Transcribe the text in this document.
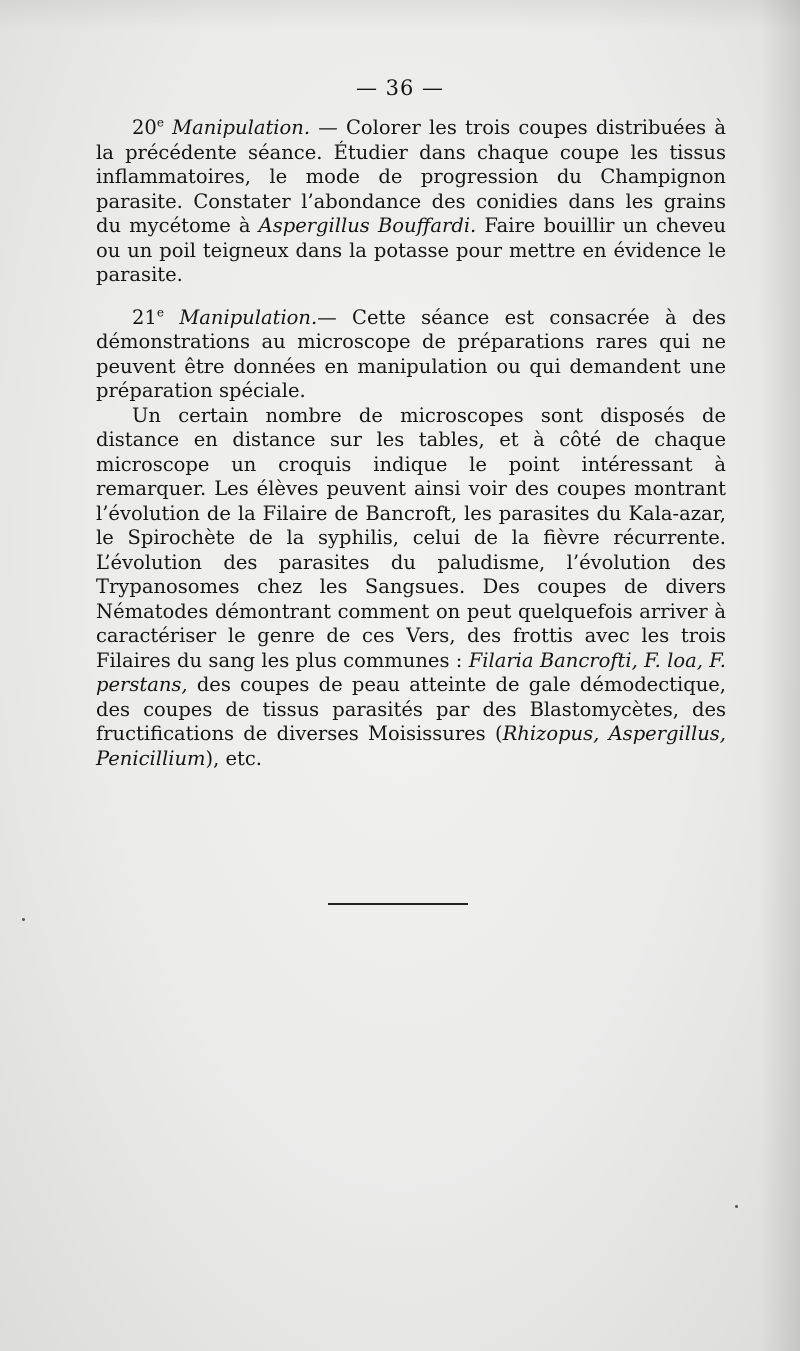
— 36 —

20e Manipulation. — Colorer les trois coupes distribuées à la précédente séance. Étudier dans chaque coupe les tissus inflammatoires, le mode de progression du Champignon parasite. Constater l’abondance des conidies dans les grains du mycétome à Aspergillus Bouffardi. Faire bouillir un cheveu ou un poil teigneux dans la potasse pour mettre en évidence le parasite.

21e Manipulation.— Cette séance est consacrée à des démonstrations au microscope de préparations rares qui ne peuvent être données en manipulation ou qui demandent une préparation spéciale.

Un certain nombre de microscopes sont disposés de distance en distance sur les tables, et à côté de chaque microscope un croquis indique le point intéressant à remarquer. Les élèves peuvent ainsi voir des coupes montrant l’évolution de la Filaire de Bancroft, les parasites du Kala-azar, le Spirochète de la syphilis, celui de la fièvre récurrente. L’évolution des parasites du paludisme, l’évolution des Trypanosomes chez les Sangsues. Des coupes de divers Nématodes démontrant comment on peut quelquefois arriver à caractériser le genre de ces Vers, des frottis avec les trois Filaires du sang les plus communes : Filaria Bancrofti, F. loa, F. perstans, des coupes de peau atteinte de gale démodectique, des coupes de tissus parasités par des Blastomycètes, des fructifications de diverses Moisissures (Rhizopus, Aspergillus, Penicillium), etc.
